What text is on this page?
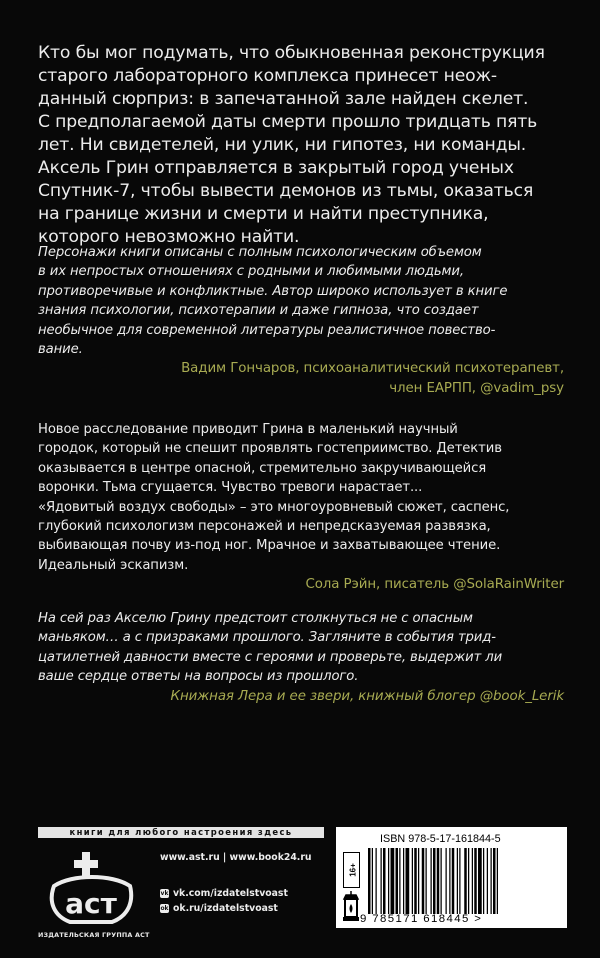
Кто бы мог подумать, что обыкновенная реконструкция
старого лабораторного комплекса принесет неож-
данный сюрприз: в запечатанной зале найден скелет.
С предполагаемой даты смерти прошло тридцать пять
лет. Ни свидетелей, ни улик, ни гипотез, ни команды.
Аксель Грин отправляется в закрытый город ученых
Спутник-7, чтобы вывести демонов из тьмы, оказаться
на границе жизни и смерти и найти преступника,
которого невозможно найти.
Персонажи книги описаны с полным психологическим объемом
в их непростых отношениях с родными и любимыми людьми,
противоречивые и конфликтные. Автор широко использует в книге
знания психологии, психотерапии и даже гипноза, что создает
необычное для современной литературы реалистичное повество-
вание.
Вадим Гончаров, психоаналитический психотерапевт,
член ЕАРПП, @vadim_psy
Новое расследование приводит Грина в маленький научный
городок, который не спешит проявлять гостеприимство. Детектив
оказывается в центре опасной, стремительно закручивающейся
воронки. Тьма сгущается. Чувство тревоги нарастает...
«Ядовитый воздух свободы» – это многоуровневый сюжет, саспенс,
глубокий психологизм персонажей и непредсказуемая развязка,
выбивающая почву из-под ног. Мрачное и захватывающее чтение.
Идеальный эскапизм.
Сола Рэйн, писатель @SolaRainWriter
На сей раз Акселю Грину предстоит столкнуться не с опасным
маньяком… а с призраками прошлого. Загляните в события трид-
цатилетней давности вместе с героями и проверьте, выдержит ли
ваше сердце ответы на вопросы из прошлого.
Книжная Лера и ее звери, книжный блогер @book_Lerik
книги для любого настроения здесь
аст
ИЗДАТЕЛЬСКАЯ ГРУППА АСТ
www.ast.ru | www.book24.ru
vk vk.com/izdatelstvoast
ok ok.ru/izdatelstvoast
ISBN 978-5-17-161844-5
16+
9 785171 618445 >
